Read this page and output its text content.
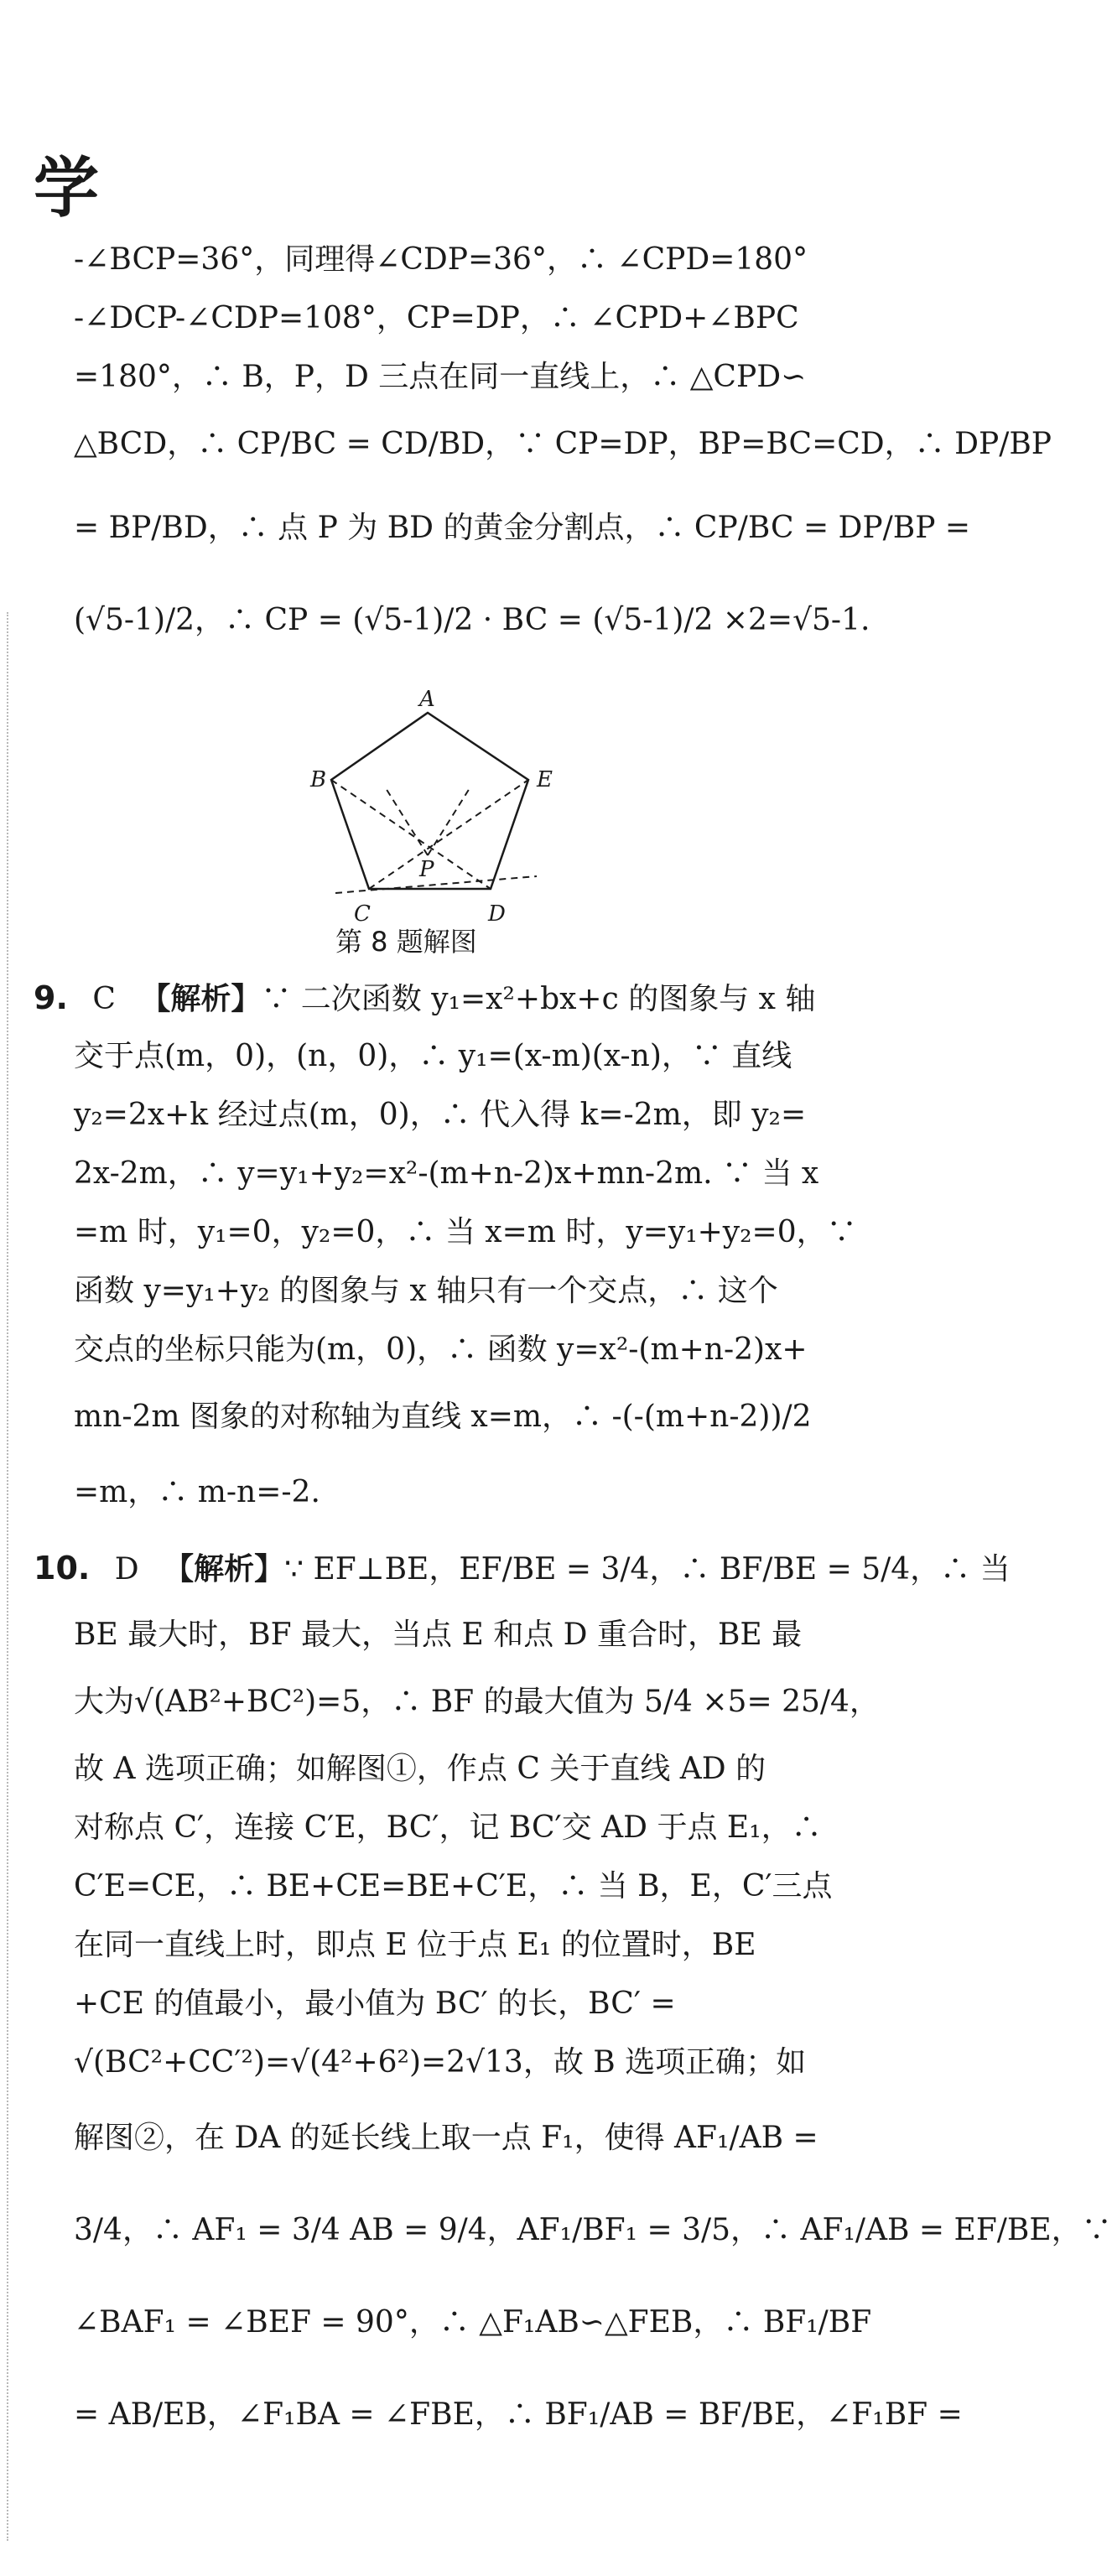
学
-∠BCP=36°，同理得∠CDP=36°，∴ ∠CPD=180°
-∠DCP-∠CDP=108°，CP=DP，∴ ∠CPD+∠BPC
=180°，∴ B，P，D 三点在同一直线上，∴ △CPD∽
△BCD，∴ CP/BC = CD/BD，∵ CP=DP，BP=BC=CD，∴ DP/BP
= BP/BD，∴ 点 P 为 BD 的黄金分割点，∴ CP/BC = DP/BP =
(√5-1)/2，∴ CP = (√5-1)/2 · BC = (√5-1)/2 ×2=√5-1.
A
B
C	D
E
P
第 8 题解图
9. C 【解析】∵ 二次函数 y₁=x²+bx+c 的图象与 x 轴
交于点(m，0)，(n，0)，∴ y₁=(x-m)(x-n)，∵ 直线
y₂=2x+k 经过点(m，0)，∴ 代入得 k=-2m，即 y₂=
2x-2m，∴ y=y₁+y₂=x²-(m+n-2)x+mn-2m. ∵ 当 x
=m 时，y₁=0，y₂=0，∴ 当 x=m 时，y=y₁+y₂=0，∵
函数 y=y₁+y₂ 的图象与 x 轴只有一个交点，∴ 这个
交点的坐标只能为(m，0)，∴ 函数 y=x²-(m+n-2)x+
mn-2m 图象的对称轴为直线 x=m，∴ -(-(m+n-2))/2
=m，∴ m-n=-2.
10. D 【解析】∵ EF⊥BE，EF/BE = 3/4，∴ BF/BE = 5/4，∴ 当
BE 最大时，BF 最大，当点 E 和点 D 重合时，BE 最
大为√(AB²+BC²)=5，∴ BF 的最大值为 5/4 ×5= 25/4，
故 A 选项正确；如解图①，作点 C 关于直线 AD 的
对称点 C′，连接 C′E，BC′，记 BC′交 AD 于点 E₁，∴
C′E=CE，∴ BE+CE=BE+C′E，∴ 当 B，E，C′三点
在同一直线上时，即点 E 位于点 E₁ 的位置时，BE
+CE 的值最小，最小值为 BC′ 的长，BC′ =
√(BC²+CC′²)=√(4²+6²)=2√13，故 B 选项正确；如
解图②，在 DA 的延长线上取一点 F₁，使得 AF₁/AB =
3/4，∴ AF₁ = 3/4 AB = 9/4，AF₁/BF₁ = 3/5，∴ AF₁/AB = EF/BE，∵
∠BAF₁ = ∠BEF = 90°，∴ △F₁AB∽△FEB，∴ BF₁/BF
= AB/EB，∠F₁BA = ∠FBE，∴ BF₁/AB = BF/BE，∠F₁BF =
